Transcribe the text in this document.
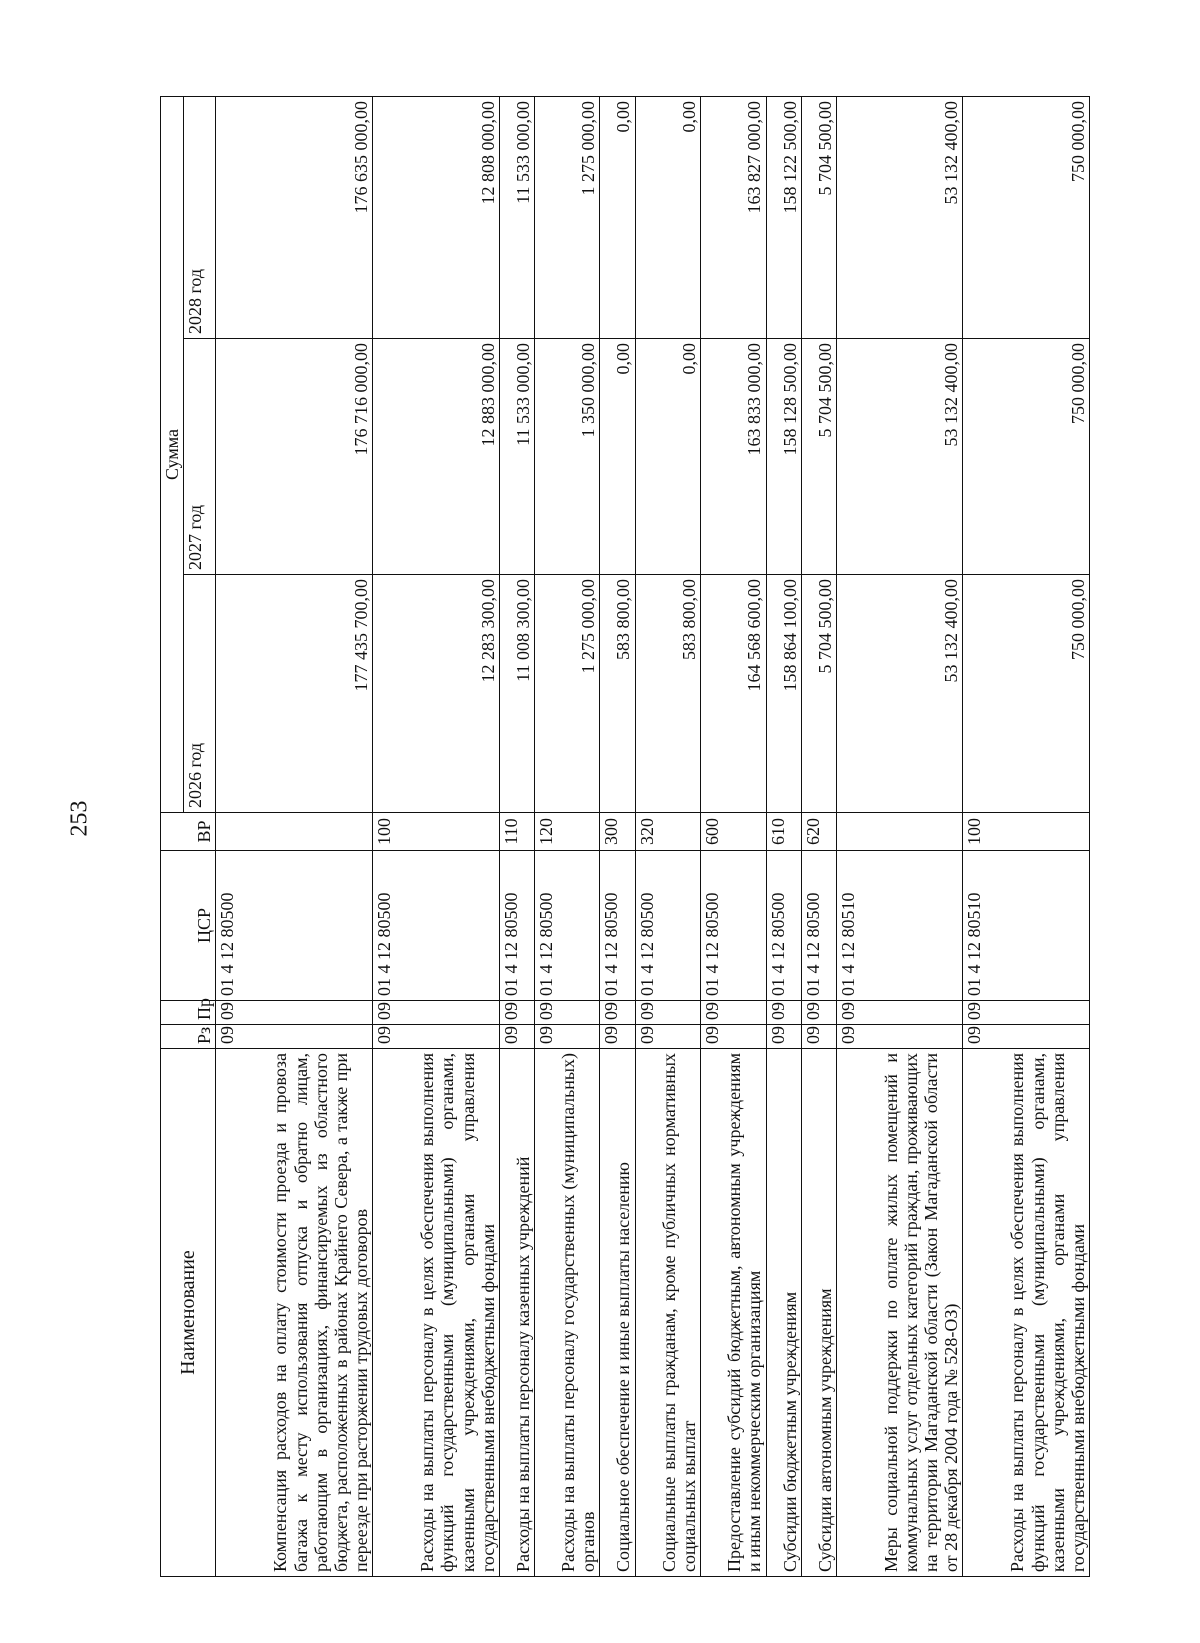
253
Наименование	Рз	Пр	ЦСР	ВР	Сумма		
					2026 год	2027 год	2028 год
Компенсация расходов на оплату стоимости проезда и провоза багажа к месту использования отпуска и обратно лицам, работающим в организациях, финансируемых из областного бюджета, расположенных в районах Крайнего Севера, а также при переезде при расторжении трудовых договоров	09	09	01 4 12 80500		177 435 700,00	176 716 000,00	176 635 000,00
Расходы на выплаты персоналу в целях обеспечения выполнения функций государственными (муниципальными) органами, казенными учреждениями, органами управления государственными внебюджетными фондами	09	09	01 4 12 80500	100	12 283 300,00	12 883 000,00	12 808 000,00
Расходы на выплаты персоналу казенных учреждений	09	09	01 4 12 80500	110	11 008 300,00	11 533 000,00	11 533 000,00
Расходы на выплаты персоналу государственных (муниципальных) органов	09	09	01 4 12 80500	120	1 275 000,00	1 350 000,00	1 275 000,00
Социальное обеспечение и иные выплаты населению	09	09	01 4 12 80500	300	583 800,00	0,00	0,00
Социальные выплаты гражданам, кроме публичных нормативных социальных выплат	09	09	01 4 12 80500	320	583 800,00	0,00	0,00
Предоставление субсидий бюджетным, автономным учреждениям и иным некоммерческим организациям	09	09	01 4 12 80500	600	164 568 600,00	163 833 000,00	163 827 000,00
Субсидии бюджетным учреждениям	09	09	01 4 12 80500	610	158 864 100,00	158 128 500,00	158 122 500,00
Субсидии автономным учреждениям	09	09	01 4 12 80500	620	5 704 500,00	5 704 500,00	5 704 500,00
Меры социальной поддержки по оплате жилых помещений и коммунальных услуг отдельных категорий граждан, проживающих на территории Магаданской области (Закон Магаданской области от 28 декабря 2004 года № 528-ОЗ)	09	09	01 4 12 80510		53 132 400,00	53 132 400,00	53 132 400,00
Расходы на выплаты персоналу в целях обеспечения выполнения функций государственными (муниципальными) органами, казенными учреждениями, органами управления государственными внебюджетными фондами	09	09	01 4 12 80510	100	750 000,00	750 000,00	750 000,00
